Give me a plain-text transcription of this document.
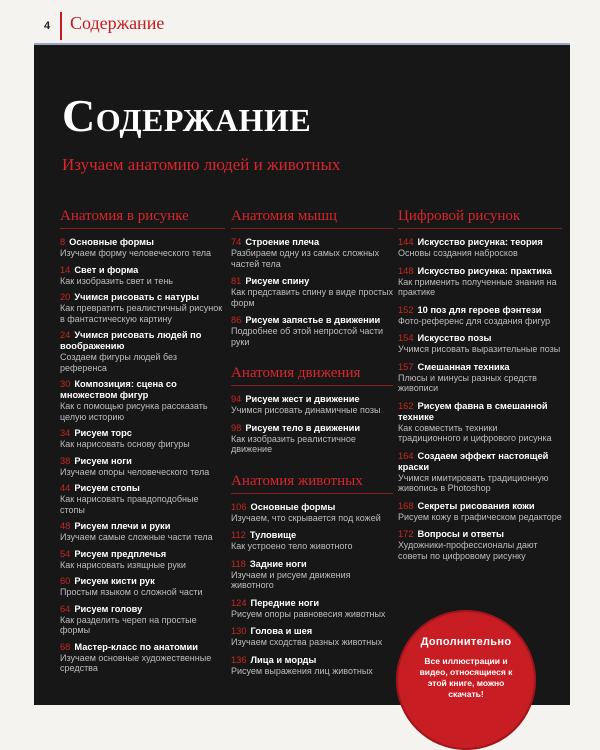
4 Содержание
Содержание
Изучаем анатомию людей и животных
Анатомия в рисунке
8 Основные формы
Изучаем форму человеческого тела
14 Свет и форма
Как изобразить свет и тень
20 Учимся рисовать с натуры
Как превратить реалистичный рисунок в фантастическую картину
24 Учимся рисовать людей по воображению
Создаем фигуры людей без референса
30 Композиция: сцена со множеством фигур
Как с помощью рисунка рассказать целую историю
34 Рисуем торс
Как нарисовать основу фигуры
38 Рисуем ноги
Изучаем опоры человеческого тела
44 Рисуем стопы
Как нарисовать правдоподобные стопы
48 Рисуем плечи и руки
Изучаем самые сложные части тела
54 Рисуем предплечья
Как нарисовать изящные руки
60 Рисуем кисти рук
Простым языком о сложной части
64 Рисуем голову
Как разделить череп на простые формы
68 Мастер-класс по анатомии
Изучаем основные художественные средства
Анатомия мышц
74 Строение плеча
Разбираем одну из самых сложных частей тела
81 Рисуем спину
Как представить спину в виде простых форм
86 Рисуем запястье в движении
Подробнее об этой непростой части руки
Анатомия движения
94 Рисуем жест и движение
Учимся рисовать динамичные позы
98 Рисуем тело в движении
Как изобразить реалистичное движение
Анатомия животных
106 Основные формы
Изучаем, что скрывается под кожей
112 Туловище
Как устроено тело животного
118 Задние ноги
Изучаем и рисуем движения животного
124 Передние ноги
Рисуем опоры равновесия животных
130 Голова и шея
Изучаем сходства разных животных
136 Лица и морды
Рисуем выражения лиц животных
Цифровой рисунок
144 Искусство рисунка: теория
Основы создания набросков
148 Искусство рисунка: практика
Как применить полученные знания на практике
152 10 поз для героев фэнтези
Фото-референс для создания фигур
154 Искусство позы
Учимся рисовать выразительные позы
157 Смешанная техника
Плюсы и минусы разных средств живописи
162 Рисуем фавна в смешанной технике
Как совместить техники традиционного и цифрового рисунка
164 Создаем эффект настоящей краски
Учимся имитировать традиционную живопись в Photoshop
168 Секреты рисования кожи
Рисуем кожу в графическом редакторе
172 Вопросы и ответы
Художники-профессионалы дают советы по цифровому рисунку
Дополнительно
Все иллюстрации и видео, относящиеся к этой книге, можно скачать!
